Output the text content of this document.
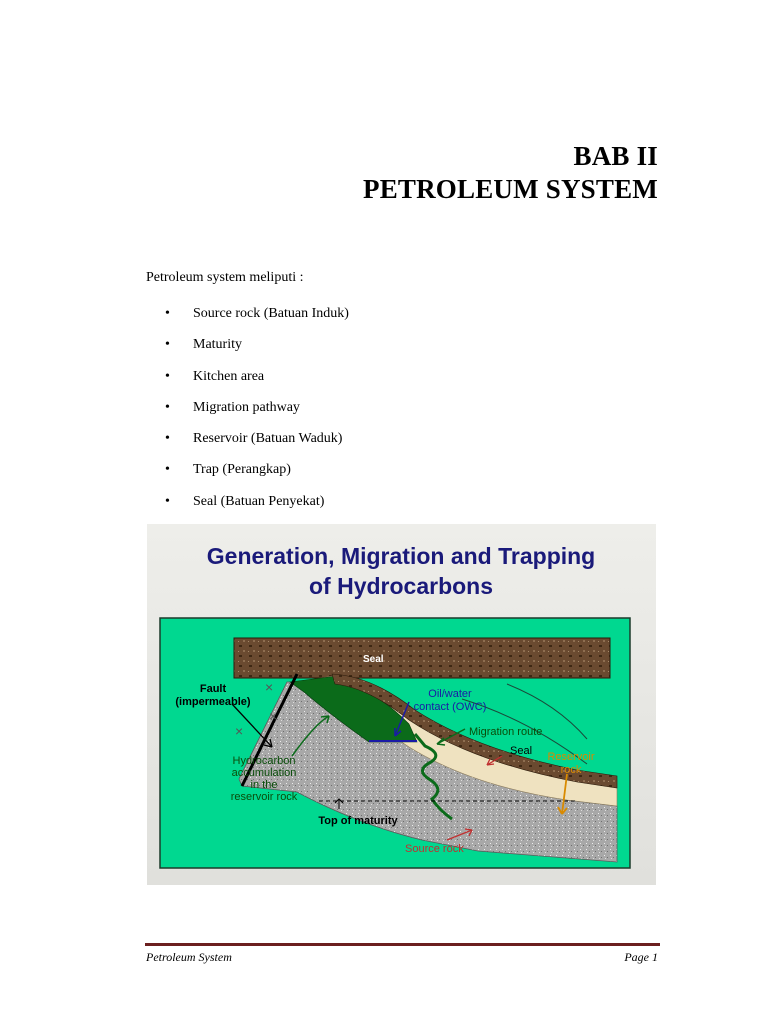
BAB II
PETROLEUM SYSTEM
Petroleum system meliputi :
•	Source rock (Batuan Induk)
•	Maturity
•	Kitchen area
•	Migration pathway
•	Reservoir (Batuan Waduk)
•	Trap (Perangkap)
•	Seal (Batuan Penyekat)
Generation, Migration and Trapping
of Hydrocarbons
×
×
×
Seal
Fault
(impermeable)
Oil/water
contact (OWC)
Migration route
Seal Reservoir
rock
Hydrocarbon
accumulation
in the
reservoir rock
Top of maturity
Source rock
Petroleum System	Page 1
